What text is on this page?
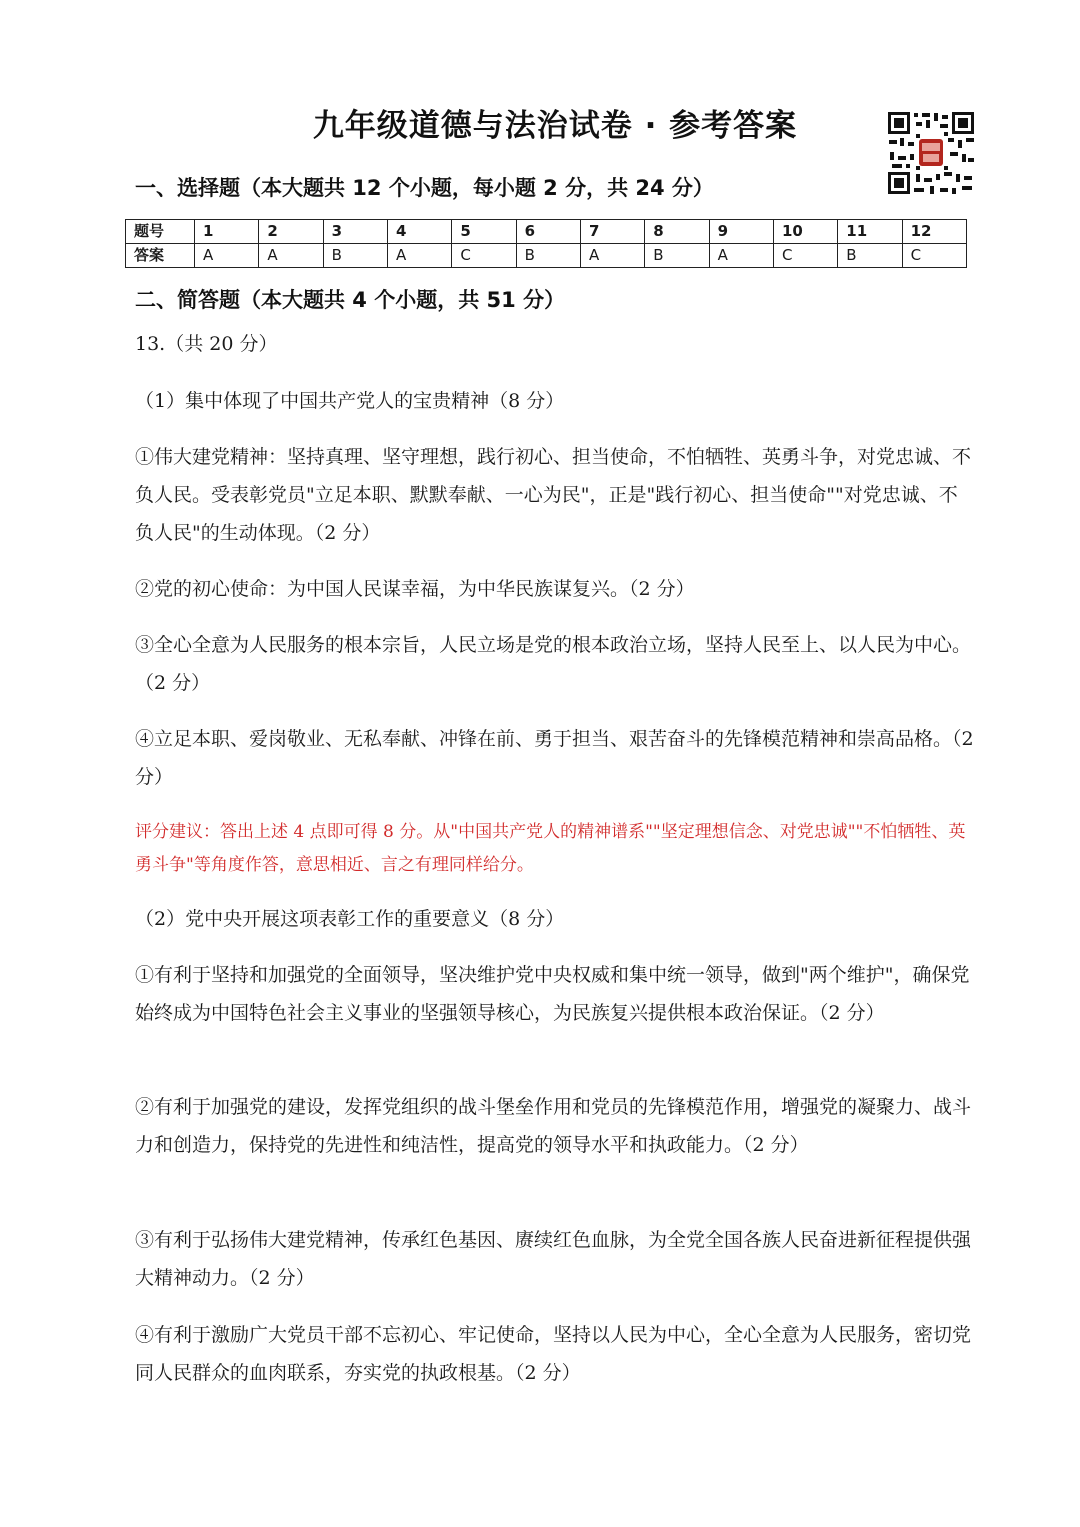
九年级道德与法治试卷 · 参考答案
一、选择题（本大题共 12 个小题，每小题 2 分，共 24 分）
题号	1	2	3	4	5	6	7	8	9	10	11	12
答案	A	A	B	A	C	B	A	B	A	C	B	C
二、简答题（本大题共 4 个小题，共 51 分）
13.（共 20 分）
（1）集中体现了中国共产党人的宝贵精神（8 分）
①伟大建党精神：坚持真理、坚守理想，践行初心、担当使命，不怕牺牲、英勇斗争，对党忠诚、不负人民。受表彰党员"立足本职、默默奉献、一心为民"，正是"践行初心、担当使命""对党忠诚、不负人民"的生动体现。（2 分）
②党的初心使命：为中国人民谋幸福，为中华民族谋复兴。（2 分）
③全心全意为人民服务的根本宗旨，人民立场是党的根本政治立场，坚持人民至上、以人民为中心。（2 分）
④立足本职、爱岗敬业、无私奉献、冲锋在前、勇于担当、艰苦奋斗的先锋模范精神和崇高品格。（2 分）
评分建议：答出上述 4 点即可得 8 分。从"中国共产党人的精神谱系""坚定理想信念、对党忠诚""不怕牺牲、英勇斗争"等角度作答，意思相近、言之有理同样给分。
（2）党中央开展这项表彰工作的重要意义（8 分）
①有利于坚持和加强党的全面领导，坚决维护党中央权威和集中统一领导，做到"两个维护"，确保党始终成为中国特色社会主义事业的坚强领导核心，为民族复兴提供根本政治保证。（2 分）
②有利于加强党的建设，发挥党组织的战斗堡垒作用和党员的先锋模范作用，增强党的凝聚力、战斗力和创造力，保持党的先进性和纯洁性，提高党的领导水平和执政能力。（2 分）
③有利于弘扬伟大建党精神，传承红色基因、赓续红色血脉，为全党全国各族人民奋进新征程提供强大精神动力。（2 分）
④有利于激励广大党员干部不忘初心、牢记使命，坚持以人民为中心，全心全意为人民服务，密切党同人民群众的血肉联系，夯实党的执政根基。（2 分）
